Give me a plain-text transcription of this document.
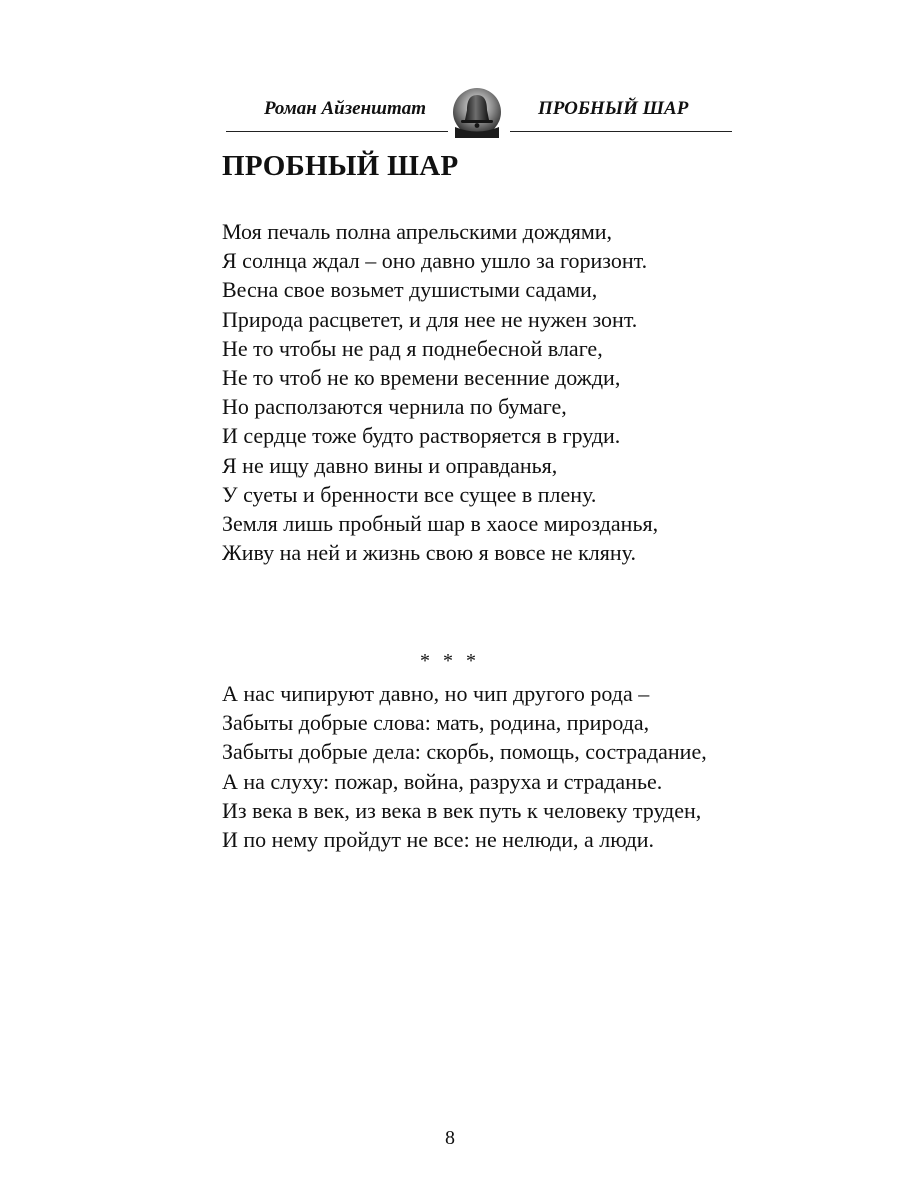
Роман Айзенштат	ПРОБНЫЙ ШАР
ПРОБНЫЙ ШАР
Моя печаль полна апрельскими дождями,
Я солнца ждал – оно давно ушло за горизонт.
Весна свое возьмет душистыми садами,
Природа расцветет, и для нее не нужен зонт.
Не то чтобы не рад я поднебесной влаге,
Не то чтоб не ко времени весенние дожди,
Но расползаются чернила по бумаге,
И сердце тоже будто растворяется в груди.
Я не ищу давно вины и оправданья,
У суеты и бренности все сущее в плену.
Земля лишь пробный шар в хаосе мирозданья,
Живу на ней и жизнь свою я вовсе не кляну.
* * *
А нас чипируют давно, но чип другого рода –
Забыты добрые слова: мать, родина, природа,
Забыты добрые дела: скорбь, помощь, сострадание,
А на слуху: пожар, война, разруха и страданье.
Из века в век, из века в век путь к человеку труден,
И по нему пройдут не все: не нелюди, а люди.
8
